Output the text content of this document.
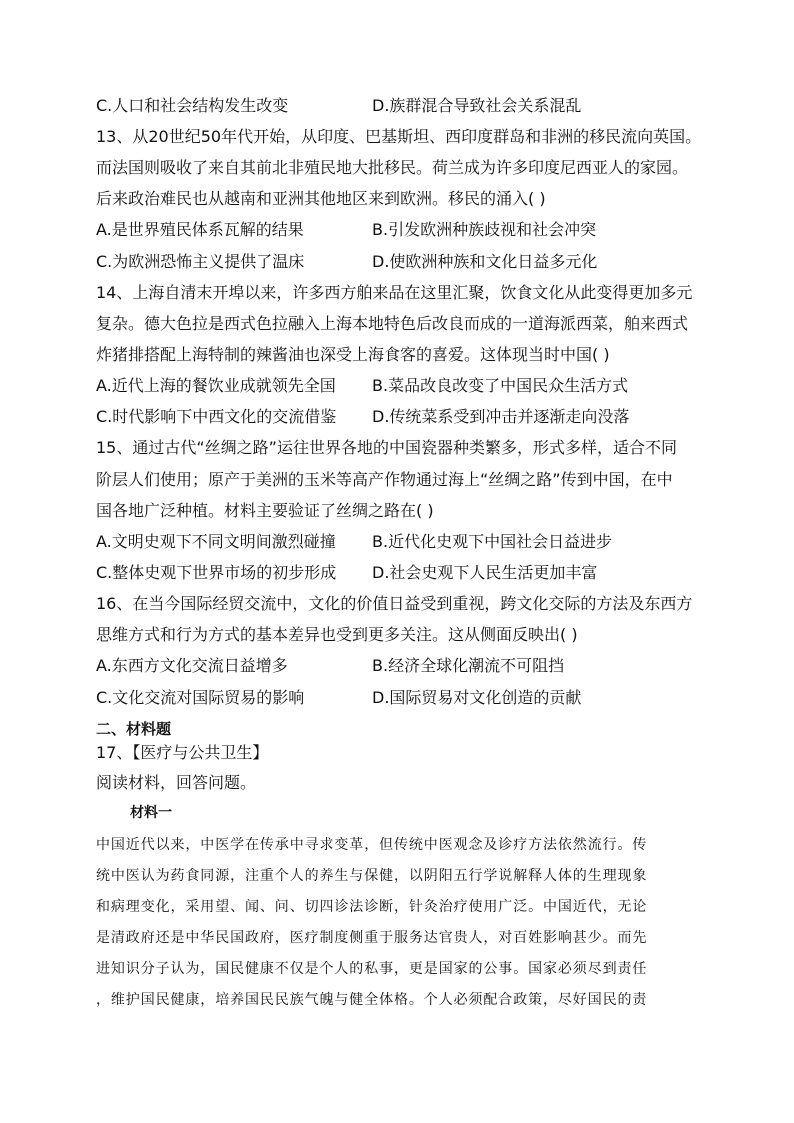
C.人口和社会结构发生改变	D.族群混合导致社会关系混乱
13、从20世纪50年代开始，从印度、巴基斯坦、西印度群岛和非洲的移民流向英国。
而法国则吸收了来自其前北非殖民地大批移民。荷兰成为许多印度尼西亚人的家园。
后来政治难民也从越南和亚洲其他地区来到欧洲。移民的涌入( )
A.是世界殖民体系瓦解的结果	B.引发欧洲种族歧视和社会冲突
C.为欧洲恐怖主义提供了温床	D.使欧洲种族和文化日益多元化
14、上海自清末开埠以来，许多西方舶来品在这里汇聚，饮食文化从此变得更加多元
复杂。德大色拉是西式色拉融入上海本地特色后改良而成的一道海派西菜，舶来西式
炸猪排搭配上海特制的辣酱油也深受上海食客的喜爱。这体现当时中国( )
A.近代上海的餐饮业成就领先全国 B.菜品改良改变了中国民众生活方式
C.时代影响下中西文化的交流借鉴 D.传统菜系受到冲击并逐渐走向没落
15、通过古代“丝绸之路”运往世界各地的中国瓷器种类繁多，形式多样，适合不同
阶层人们使用；原产于美洲的玉米等高产作物通过海上“丝绸之路”传到中国，在中
国各地广泛种植。材料主要验证了丝绸之路在( )
A.文明史观下不同文明间激烈碰撞 B.近代化史观下中国社会日益进步
C.整体史观下世界市场的初步形成 D.社会史观下人民生活更加丰富
16、在当今国际经贸交流中，文化的价值日益受到重视，跨文化交际的方法及东西方
思维方式和行为方式的基本差异也受到更多关注。这从侧面反映出( )
A.东西方文化交流日益增多	B.经济全球化潮流不可阻挡
C.文化交流对国际贸易的影响	D.国际贸易对文化创造的贡献
二、材料题
17、【医疗与公共卫生】
阅读材料，回答问题。
材料一
中国近代以来，中医学在传承中寻求变革，但传统中医观念及诊疗方法依然流行。传
统中医认为药食同源，注重个人的养生与保健，以阴阳五行学说解释人体的生理现象
和病理变化，采用望、闻、问、切四诊法诊断，针灸治疗使用广泛。中国近代，无论
是清政府还是中华民国政府，医疗制度侧重于服务达官贵人，对百姓影响甚少。而先
进知识分子认为，国民健康不仅是个人的私事，更是国家的公事。国家必须尽到责任
，维护国民健康，培养国民民族气魄与健全体格。个人必须配合政策，尽好国民的责
